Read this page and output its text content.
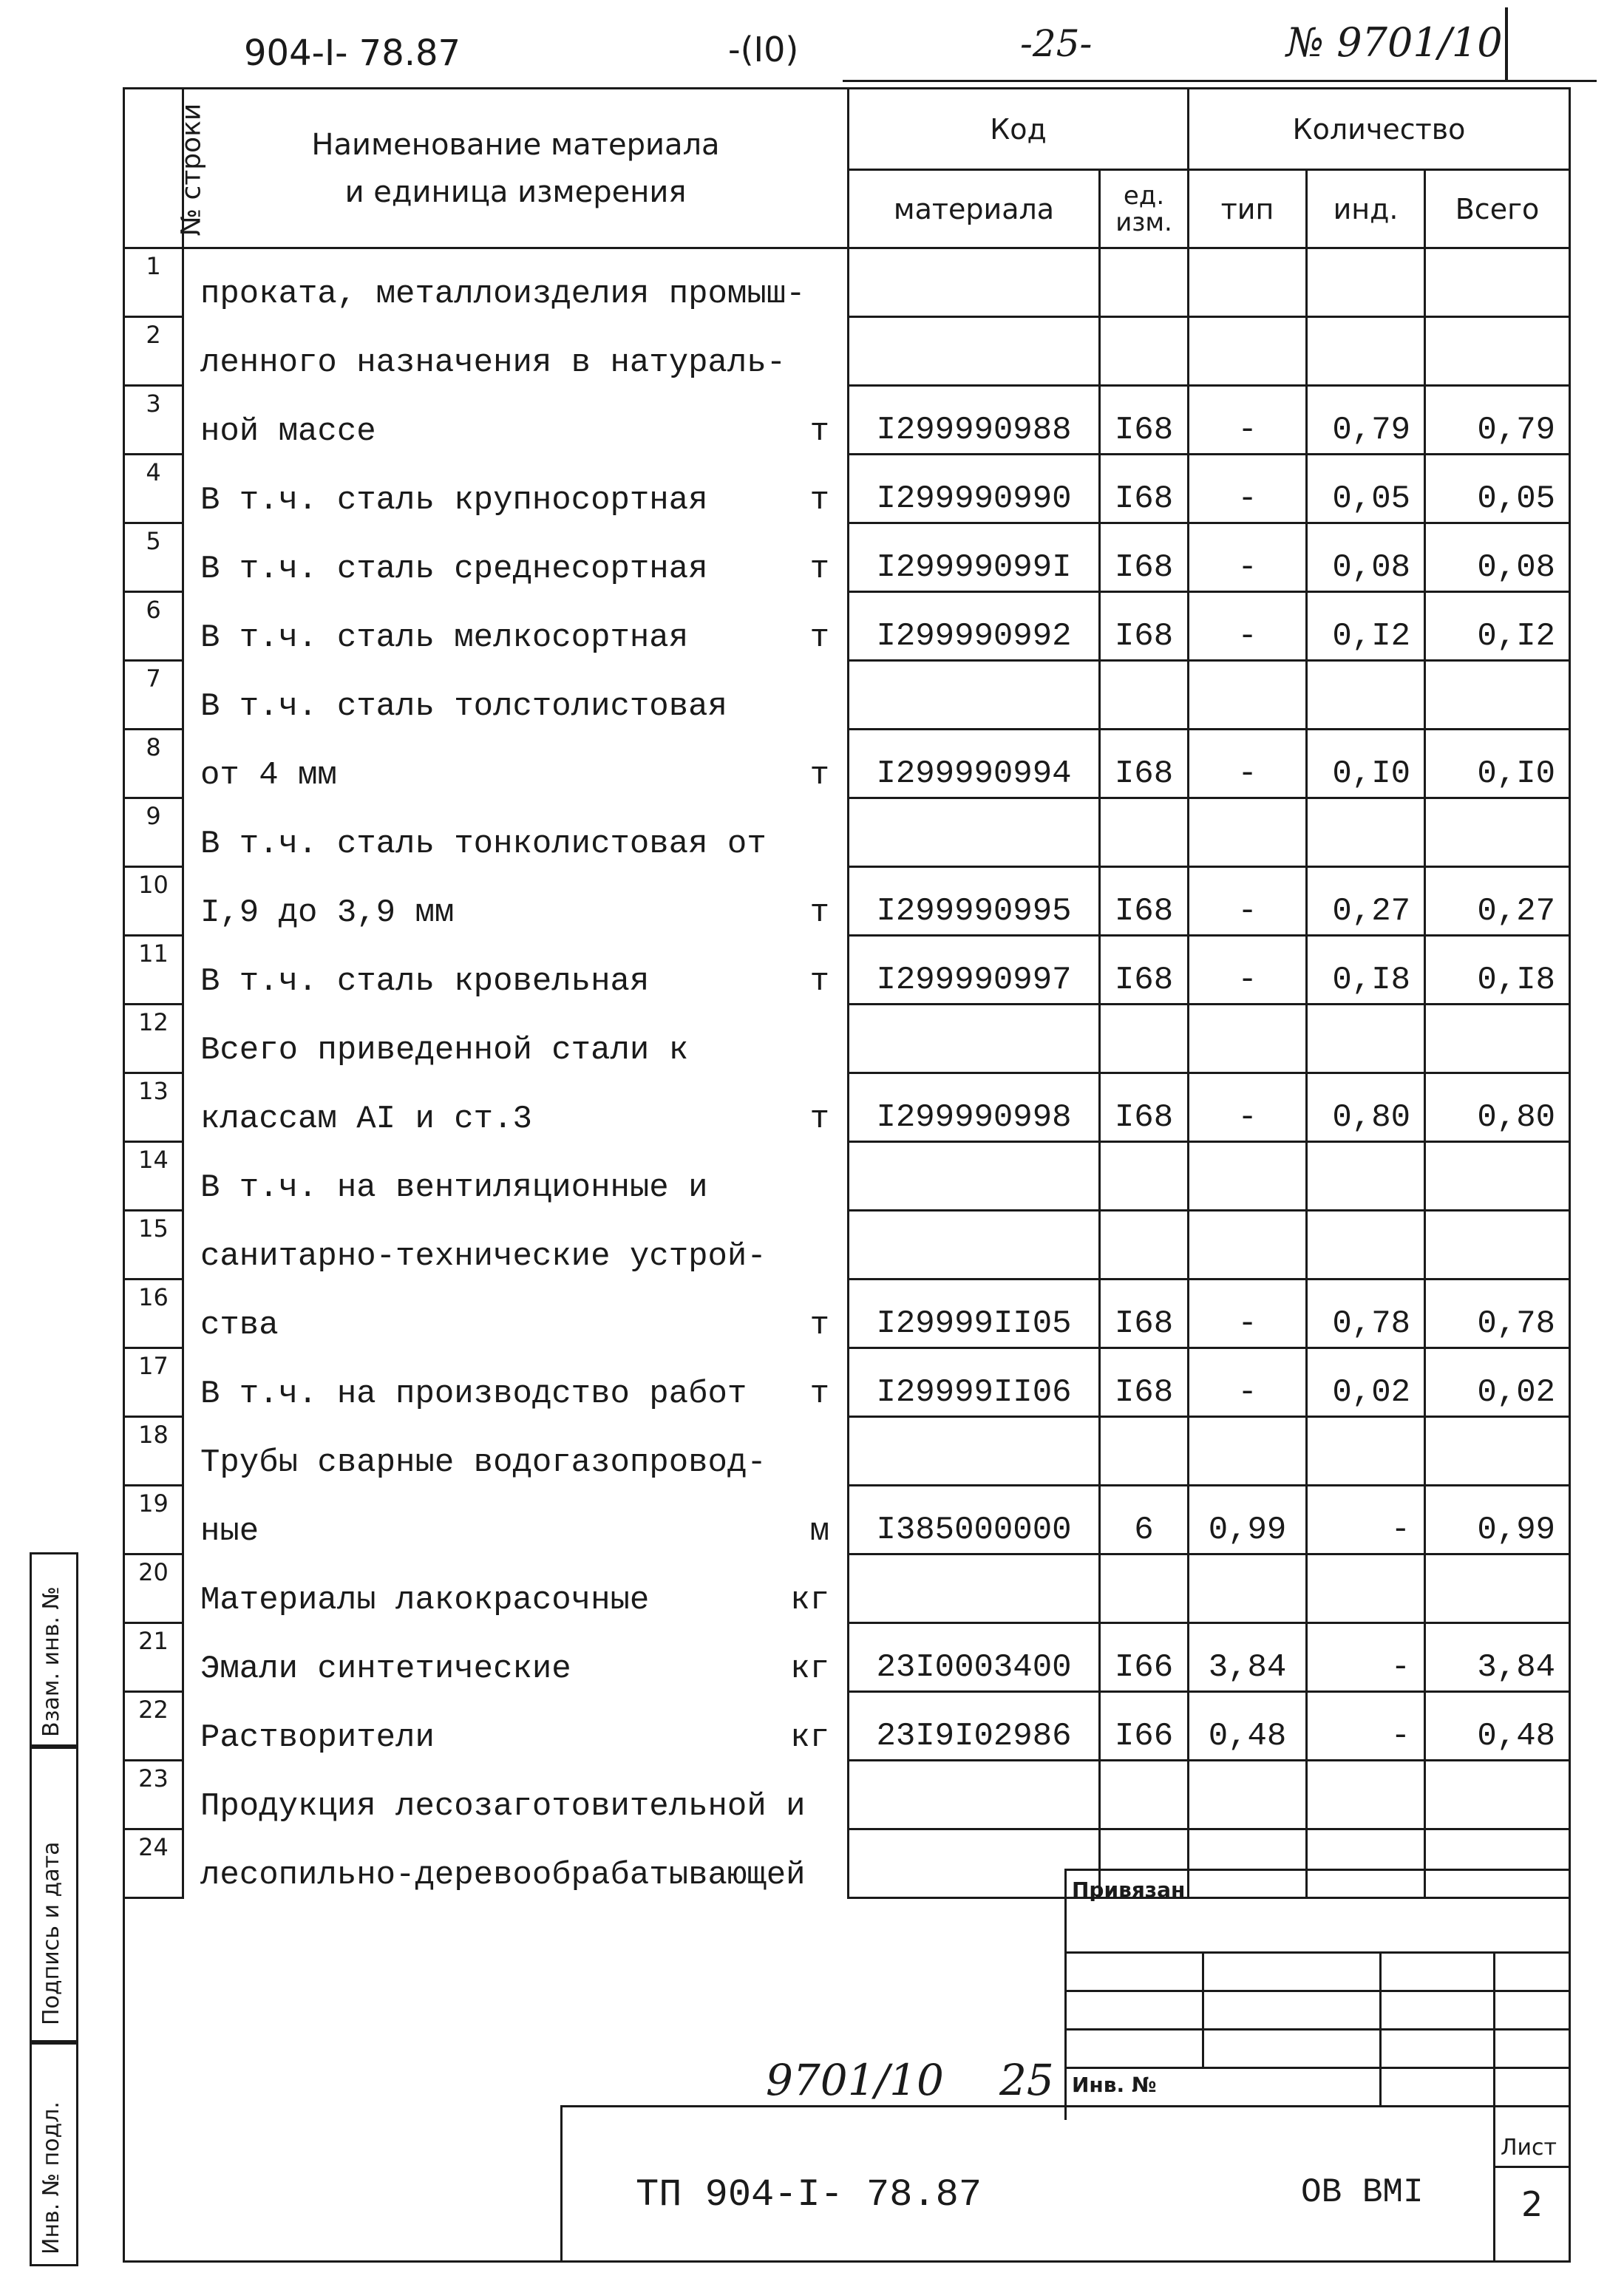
904-I- 78.87	-(I0)	-25-	№ 9701/10
№ строки	Наименование материала
и единица измерения	Код		Количество		
		материала	ед. изм.	тип	инд.	Всего
1	проката, металлоизделия промыш-

2	ленного назначения в натураль-

3	ной массе т	I299990988	I68	-	0,79	0,79
4	В т.ч. сталь крупносортная т	I299990990	I68	-	0,05	0,05
5	В т.ч. сталь среднесортная т	I29999099I	I68	-	0,08	0,08
6	В т.ч. сталь мелкосортная т	I299990992	I68	-	0,I2	0,I2
7	В т.ч. сталь толстолистовая

8	от 4 мм т	I299990994	I68	-	0,I0	0,I0
9	В т.ч. сталь тонколистовая от

10	I,9 до 3,9 мм т	I299990995	I68	-	0,27	0,27
11	В т.ч. сталь кровельная т	I299990997	I68	-	0,I8	0,I8
12	Всего приведенной стали к

13	классам AI и ст.3 т	I299990998	I68	-	0,80	0,80
14	В т.ч. на вентиляционные и

15	санитарно-технические устрой-

16	ства т	I29999II05	I68	-	0,78	0,78
17	В т.ч. на производство работ т	I29999II06	I68	-	0,02	0,02
18	Трубы сварные водогазопровод-

19	ные м	I385000000	6	0,99	-	0,99
20	Материалы лакокрасочные кг					

21	Эмали синтетические кг	23I0003400	I66	3,84	-	3,84
22	Растворители кг	23I9I02986	I66	0,48	-	0,48
23	Продукция лесозаготовительной и

24	лесопильно-деревообрабатывающей

Взам. инв. №
Подпись и дата
Инв. № подл.
Привязан
Инв. №
9701/10 25
ТП 904-I- 78.87	ОВ ВМI
Лист
2
